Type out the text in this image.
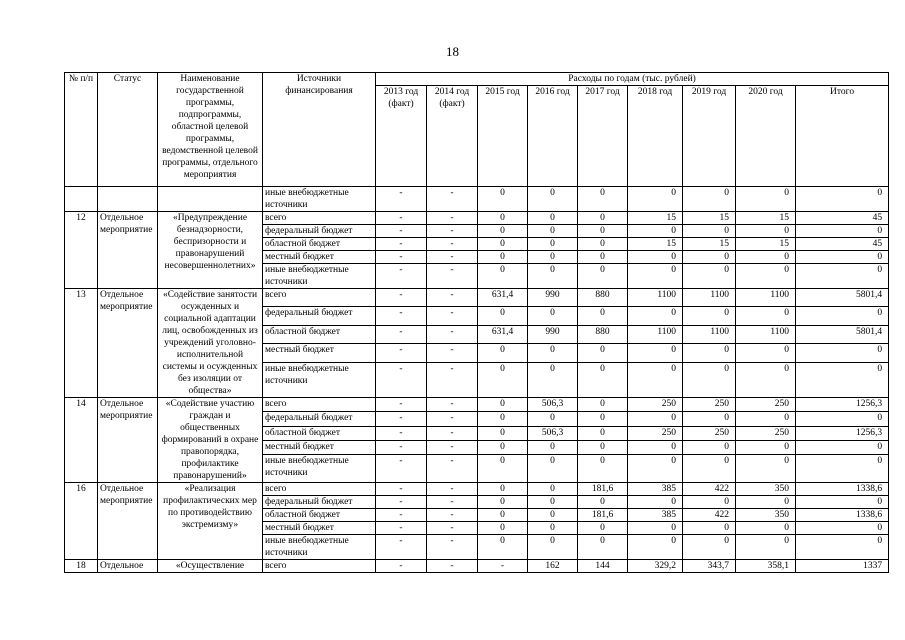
18
№ п/п	Статус	Наименование государственной программы, подпрограммы, областной целевой программы, ведомственной целевой программы, отдельного мероприятия	Источники финансирования	Расходы по годам (тыс. рублей)								
				2013 год (факт)	2014 год (факт)	2015 год	2016 год	2017 год	2018 год	2019 год	2020 год	Итого
			иные внебюджетные источники	-	-	0	0	0	0	0	0	0
12	Отдельное мероприятие	«Предупреждение безнадзорности, беспризорности и правонарушений несовершеннолетних»	всего	-	-	0	0	0	15	15	15	45
			федеральный бюджет	-	-	0	0	0	0	0	0	0
			областной бюджет	-	-	0	0	0	15	15	15	45
			местный бюджет	-	-	0	0	0	0	0	0	0
			иные внебюджетные источники	-	-	0	0	0	0	0	0	0
13	Отдельное мероприятие	«Содействие занятости осужденных и социальной адаптации лиц, освобожденных из учреждений уголовно-исполнительной системы и осужденных без изоляции от общества»	всего	-	-	631,4	990	880	1100	1100	1100	5801,4
			федеральный бюджет	-	-	0	0	0	0	0	0	0
			областной бюджет	-	-	631,4	990	880	1100	1100	1100	5801,4
			местный бюджет	-	-	0	0	0	0	0	0	0
			иные внебюджетные источники	-	-	0	0	0	0	0	0	0
14	Отдельное мероприятие	«Содействие участию граждан и общественных формирований в охране правопорядка, профилактике правонарушений»	всего	-	-	0	506,3	0	250	250	250	1256,3
			федеральный бюджет	-	-	0	0	0	0	0	0	0
			областной бюджет	-	-	0	506,3	0	250	250	250	1256,3
			местный бюджет	-	-	0	0	0	0	0	0	0
			иные внебюджетные источники	-	-	0	0	0	0	0	0	0
16	Отдельное мероприятие	«Реализация профилактических мер по противодействию экстремизму»	всего	-	-	0	0	181,6	385	422	350	1338,6
			федеральный бюджет	-	-	0	0	0	0	0	0	0
			областной бюджет	-	-	0	0	181,6	385	422	350	1338,6
			местный бюджет	-	-	0	0	0	0	0	0	0
			иные внебюджетные источники	-	-	0	0	0	0	0	0	0
18	Отдельное	«Осуществление	всего	-	-	-	162	144	329,2	343,7	358,1	1337
